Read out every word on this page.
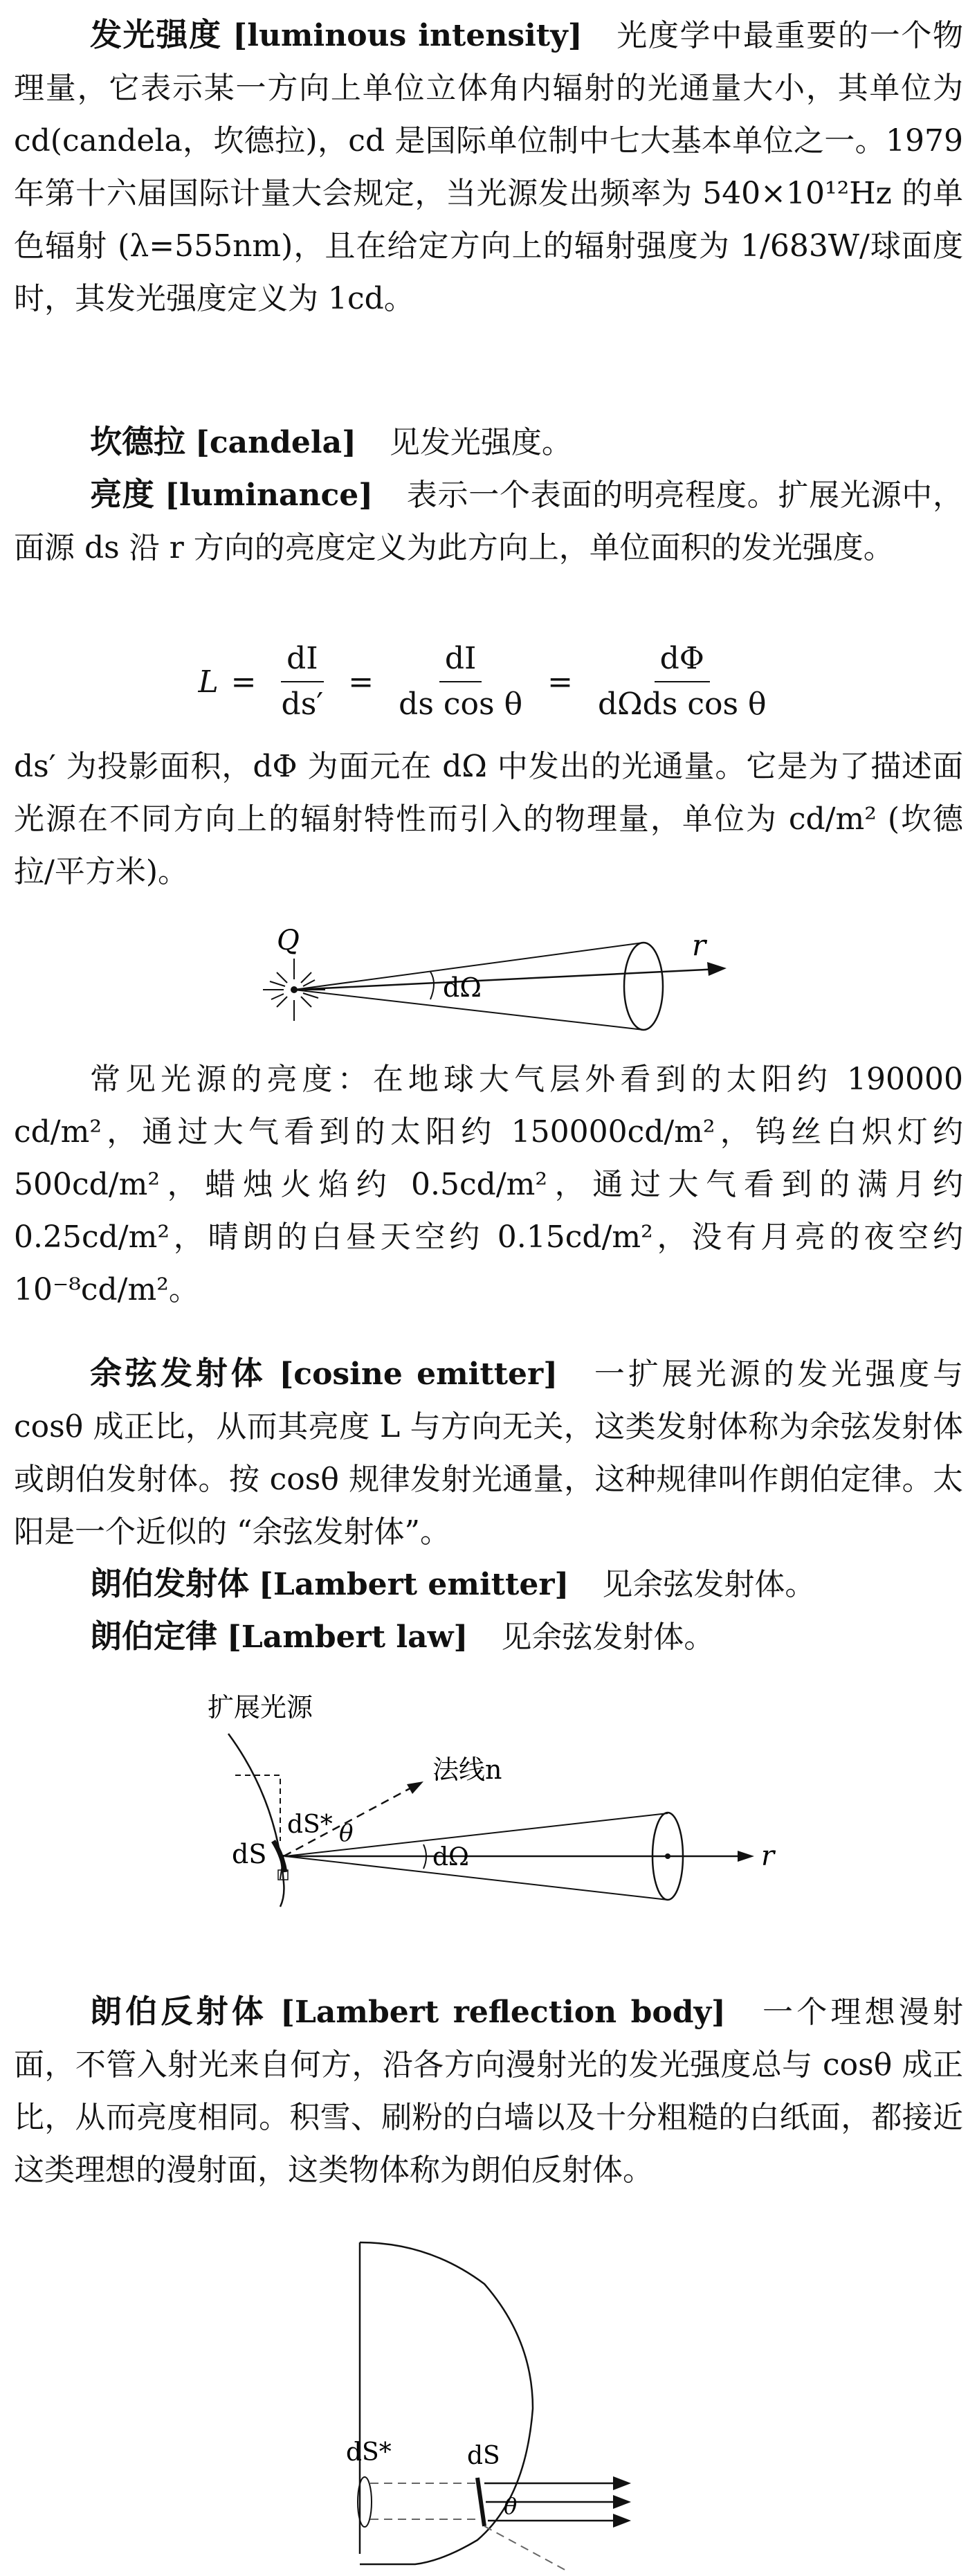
发光强度 [luminous intensity] 光度学中最重要的一个物理量，它表示某一方向上单位立体角内辐射的光通量大小，其单位为 cd(candela，坎德拉)，cd 是国际单位制中七大基本单位之一。1979 年第十六届国际计量大会规定，当光源发出频率为 540×10¹²Hz 的单色辐射 (λ=555nm)，且在给定方向上的辐射强度为 1/683W/球面度时，其发光强度定义为 1cd。

坎德拉 [candela] 见发光强度。

亮度 [luminance] 表示一个表面的明亮程度。扩展光源中，面源 ds 沿 r 方向的亮度定义为此方向上，单位面积的发光强度。

$L = \frac{dI}{ds'} = \frac{dI}{\text{ds cos θ}} = \frac{d\Phi}{\text{dΩds cos θ}}$

ds′ 为投影面积，dΦ 为面元在 dΩ 中发出的光通量。它是为了描述面光源在不同方向上的辐射特性而引入的物理量，单位为 cd/m² (坎德拉/平方米)。

Q	r
dΩ

常见光源的亮度：在地球大气层外看到的太阳约 190000 cd/m²，通过大气看到的太阳约 150000cd/m²，钨丝白炽灯约 500cd/m²，蜡烛火焰约 0.5cd/m²，通过大气看到的满月约 0.25cd/m²，晴朗的白昼天空约 0.15cd/m²，没有月亮的夜空约 10⁻⁸cd/m²。

余弦发射体 [cosine emitter] 一扩展光源的发光强度与 cosθ 成正比，从而其亮度 L 与方向无关，这类发射体称为余弦发射体或朗伯发射体。按 cosθ 规律发射光通量，这种规律叫作朗伯定律。太阳是一个近似的 “余弦发射体”。

朗伯发射体 [Lambert emitter] 见余弦发射体。

朗伯定律 [Lambert law] 见余弦发射体。

扩展光源
法线n
dS* θ
dS	r
dΩ

朗伯反射体 [Lambert reflection body] 一个理想漫射面，不管入射光来自何方，沿各方向漫射光的发光强度总与 cosθ 成正比，从而亮度相同。积雪、刷粉的白墙以及十分粗糙的白纸面，都接近这类理想的漫射面，这类物体称为朗伯反射体。

dS*	dS
θ
